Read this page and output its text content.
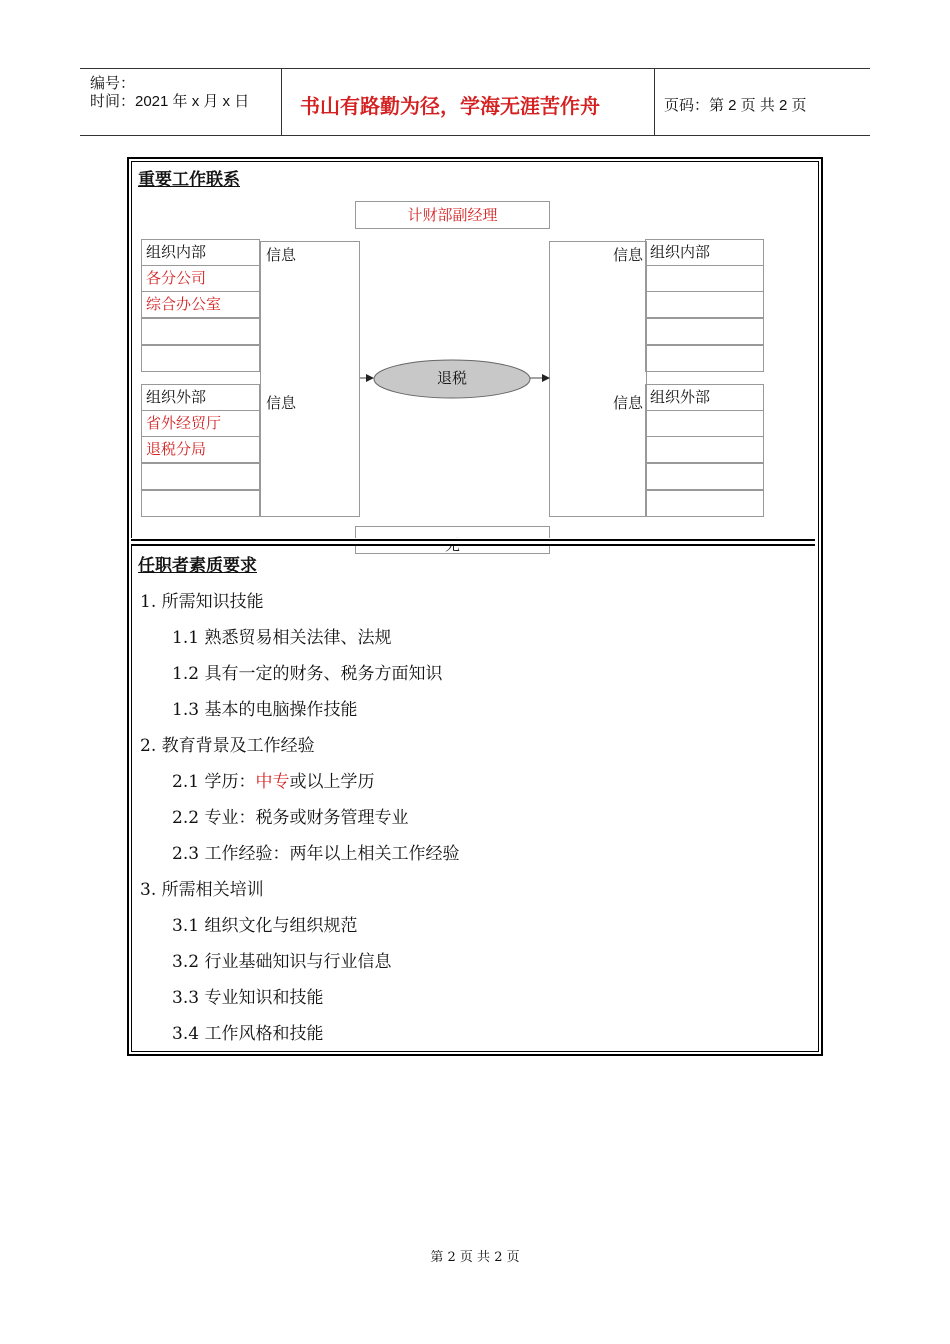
编号：
时间：2021 年 x 月 x 日	书山有路勤为径，学海无涯苦作舟	页码：第 2 页 共 2 页
重要工作联系
计财部副经理
组织内部
各分公司
综合办公室
组织外部
省外经贸厅
退税分局
信息
信息
信息
信息
组织内部
组织外部
退税
任职者素质要求
1. 所需知识技能
1.1 熟悉贸易相关法律、法规
1.2 具有一定的财务、税务方面知识
1.3 基本的电脑操作技能
2. 教育背景及工作经验
2.1 学历：中专或以上学历
2.2 专业：税务或财务管理专业
2.3 工作经验：两年以上相关工作经验
3. 所需相关培训
3.1 组织文化与组织规范
3.2 行业基础知识与行业信息
3.3 专业知识和技能
3.4 工作风格和技能
第 2 页 共 2 页
